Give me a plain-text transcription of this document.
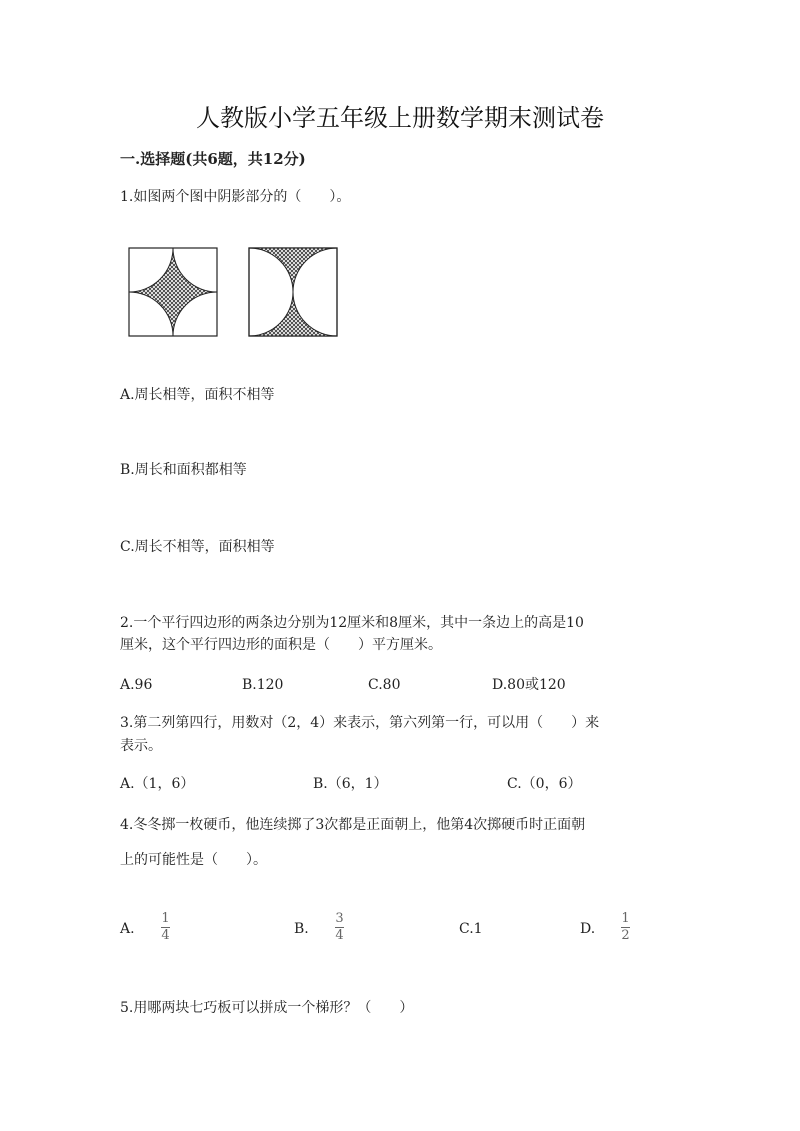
人教版小学五年级上册数学期末测试卷
一.选择题(共6题，共12分)
1.如图两个图中阴影部分的（　　）。
A.周长相等，面积不相等
B.周长和面积都相等
C.周长不相等，面积相等
2.一个平行四边形的两条边分别为12厘米和8厘米，其中一条边上的高是10
厘米，这个平行四边形的面积是（　　）平方厘米。
A.96	B.120	C.80	D.80或120
3.第二列第四行，用数对（2，4）来表示，第六列第一行，可以用（　　）来
表示。
A.（1，6）	B.（6，1）	C.（0，6）
4.冬冬掷一枚硬币，他连续掷了3次都是正面朝上，他第4次掷硬币时正面朝
上的可能性是（　　）。
A.
1
4	B.
3
4	C.1	D.
1
2
5.用哪两块七巧板可以拼成一个梯形？（　　）
